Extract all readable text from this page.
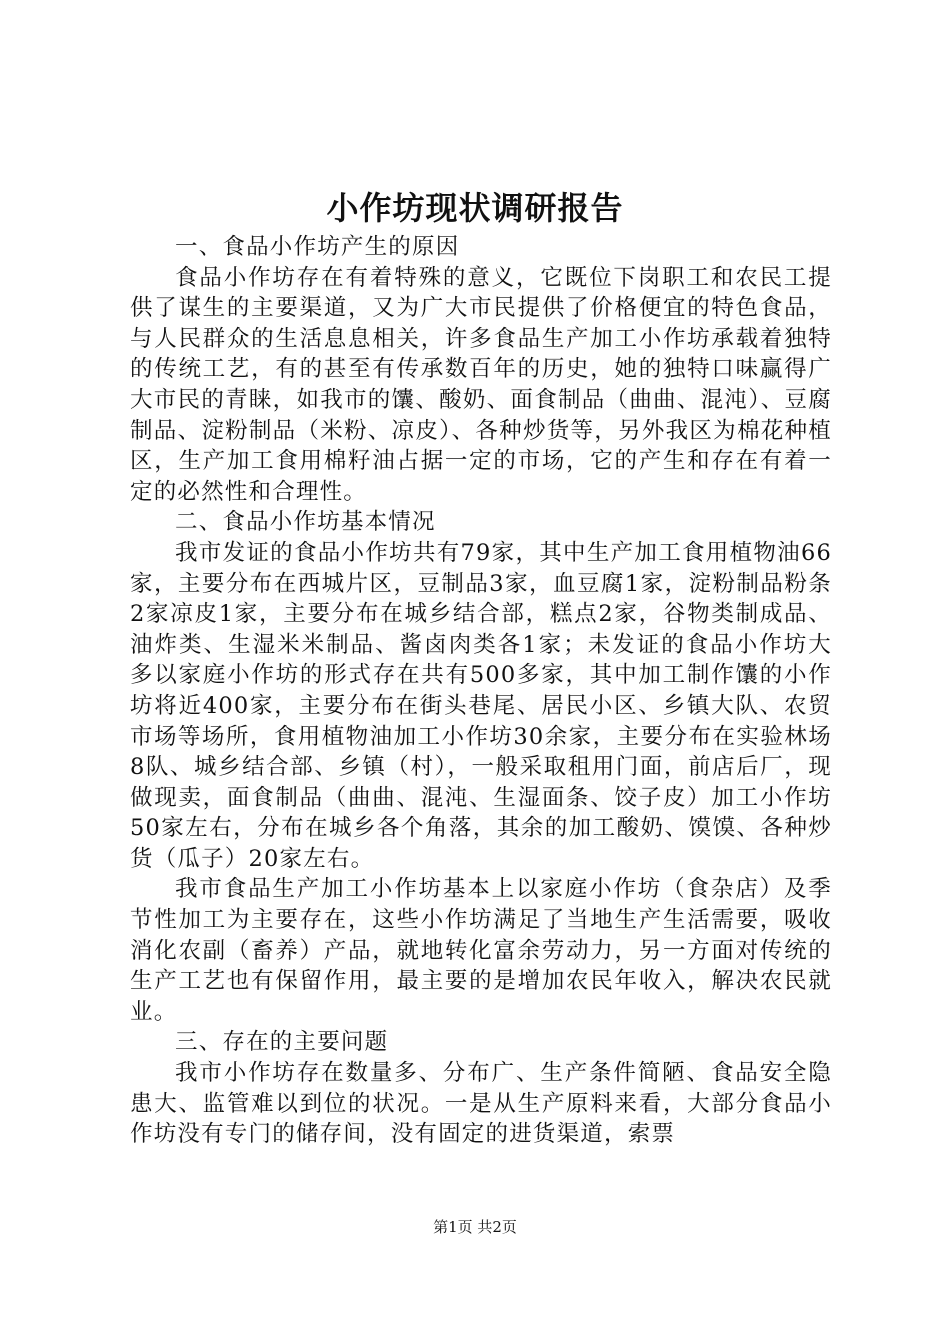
小作坊现状调研报告

一、食品小作坊产生的原因

食品小作坊存在有着特殊的意义，它既位下岗职工和农民工提供了谋生的主要渠道，又为广大市民提供了价格便宜的特色食品，与人民群众的生活息息相关，许多食品生产加工小作坊承载着独特的传统工艺，有的甚至有传承数百年的历史，她的独特口味赢得广大市民的青睐，如我市的馕、酸奶、面食制品（曲曲、混沌）、豆腐制品、淀粉制品（米粉、凉皮）、各种炒货等，另外我区为棉花种植区，生产加工食用棉籽油占据一定的市场，它的产生和存在有着一定的必然性和合理性。

二、食品小作坊基本情况

我市发证的食品小作坊共有79家，其中生产加工食用植物油66家，主要分布在西城片区，豆制品3家，血豆腐1家，淀粉制品粉条2家凉皮1家，主要分布在城乡结合部，糕点2家，谷物类制成品、油炸类、生湿米米制品、酱卤肉类各1家；未发证的食品小作坊大多以家庭小作坊的形式存在共有500多家，其中加工制作馕的小作坊将近400家，主要分布在街头巷尾、居民小区、乡镇大队、农贸市场等场所，食用植物油加工小作坊30余家，主要分布在实验林场8队、城乡结合部、乡镇（村），一般采取租用门面，前店后厂，现做现卖，面食制品（曲曲、混沌、生湿面条、饺子皮）加工小作坊50家左右，分布在城乡各个角落，其余的加工酸奶、馍馍、各种炒货（瓜子）20家左右。

我市食品生产加工小作坊基本上以家庭小作坊（食杂店）及季节性加工为主要存在，这些小作坊满足了当地生产生活需要，吸收消化农副（畜养）产品，就地转化富余劳动力，另一方面对传统的生产工艺也有保留作用，最主要的是增加农民年收入，解决农民就业。

三、存在的主要问题

我市小作坊存在数量多、分布广、生产条件简陋、食品安全隐患大、监管难以到位的状况。一是从生产原料来看，大部分食品小作坊没有专门的储存间，没有固定的进货渠道，索票

第1页 共2页
